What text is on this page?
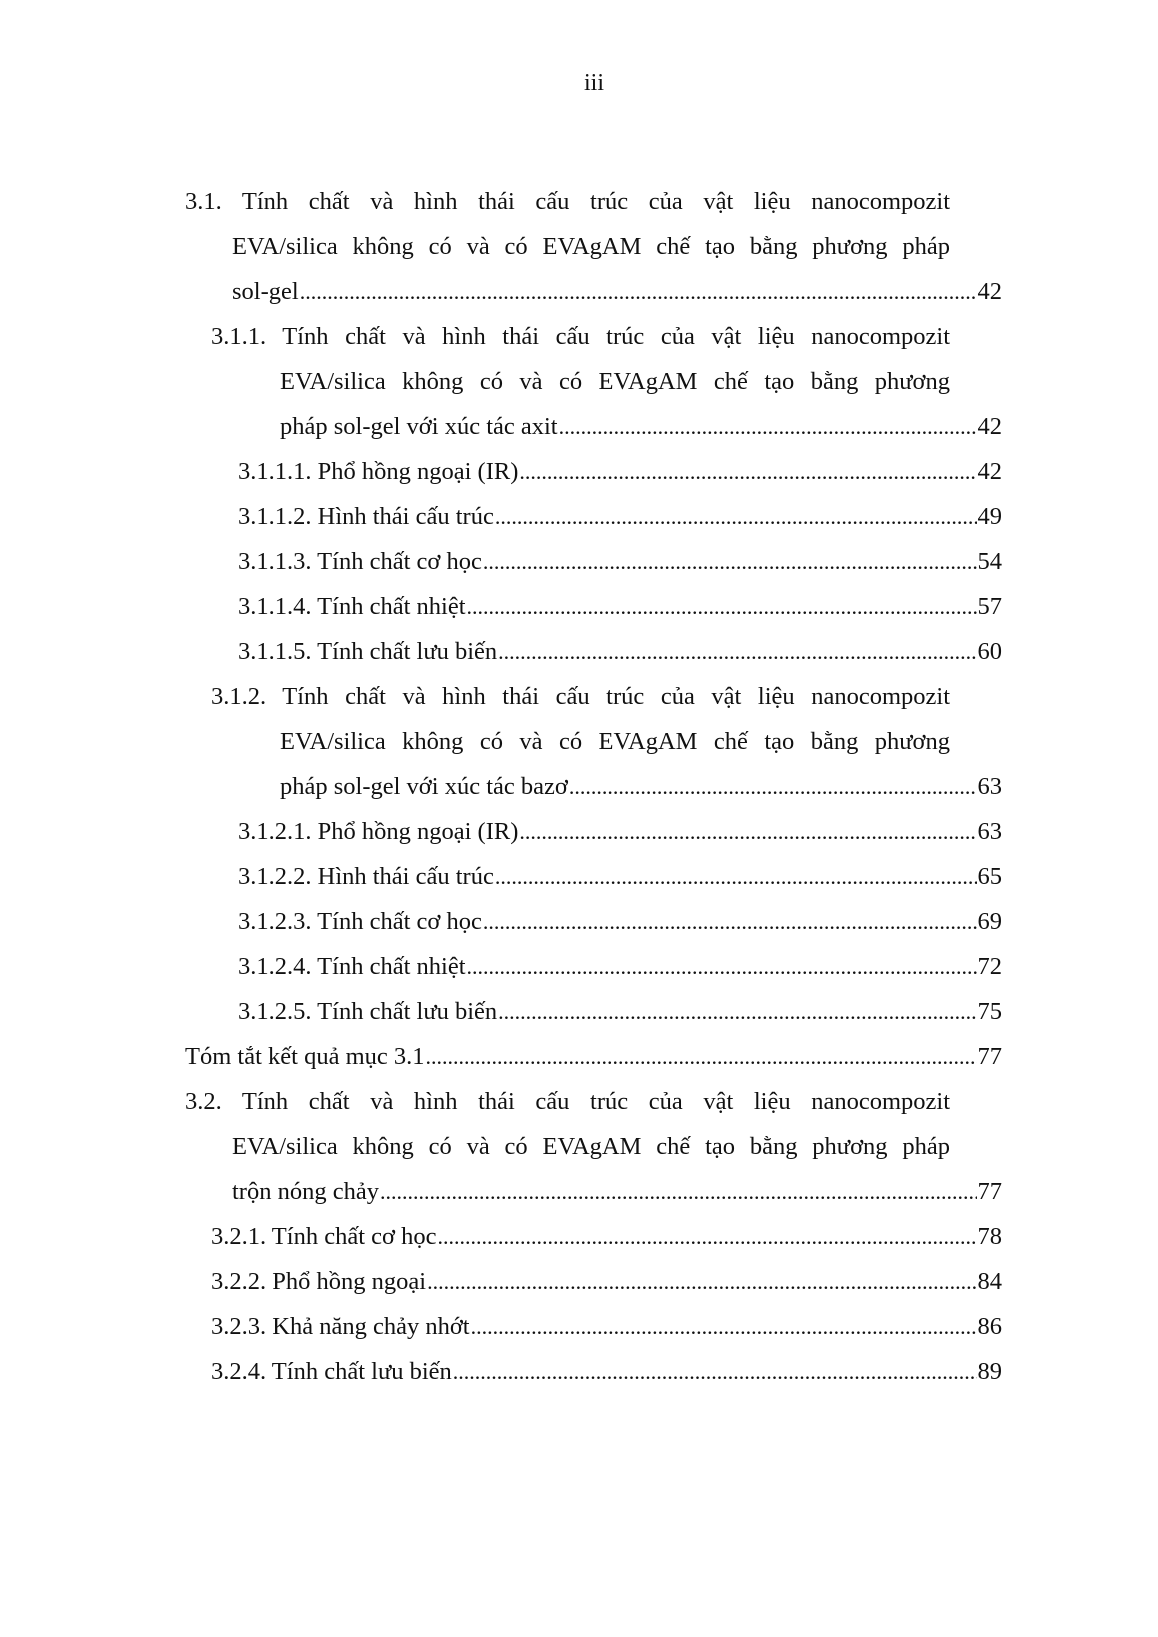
iii
3.1. Tính chất và hình thái cấu trúc của vật liệu nanocompozit
EVA/silica không có và có EVAgAM chế tạo bằng phương pháp
sol-gel .....	42
3.1.1. Tính chất và hình thái cấu trúc của vật liệu nanocompozit
EVA/silica không có và có EVAgAM chế tạo bằng phương
pháp sol-gel với xúc tác axit .....	42
3.1.1.1. Phổ hồng ngoại (IR) .....	42
3.1.1.2. Hình thái cấu trúc .....	49
3.1.1.3. Tính chất cơ học .....	54
3.1.1.4. Tính chất nhiệt .....	57
3.1.1.5. Tính chất lưu biến .....	60
3.1.2. Tính chất và hình thái cấu trúc của vật liệu nanocompozit
EVA/silica không có và có EVAgAM chế tạo bằng phương
pháp sol-gel với xúc tác bazơ .....	63
3.1.2.1. Phổ hồng ngoại (IR) .....	63
3.1.2.2. Hình thái cấu trúc .....	65
3.1.2.3. Tính chất cơ học .....	69
3.1.2.4. Tính chất nhiệt .....	72
3.1.2.5. Tính chất lưu biến .....	75
Tóm tắt kết quả mục 3.1 .....	77
3.2. Tính chất và hình thái cấu trúc của vật liệu nanocompozit
EVA/silica không có và có EVAgAM chế tạo bằng phương pháp
trộn nóng chảy .....	77
3.2.1. Tính chất cơ học .....	78
3.2.2. Phổ hồng ngoại .....	84
3.2.3. Khả năng chảy nhớt .....	86
3.2.4. Tính chất lưu biến .....	89
